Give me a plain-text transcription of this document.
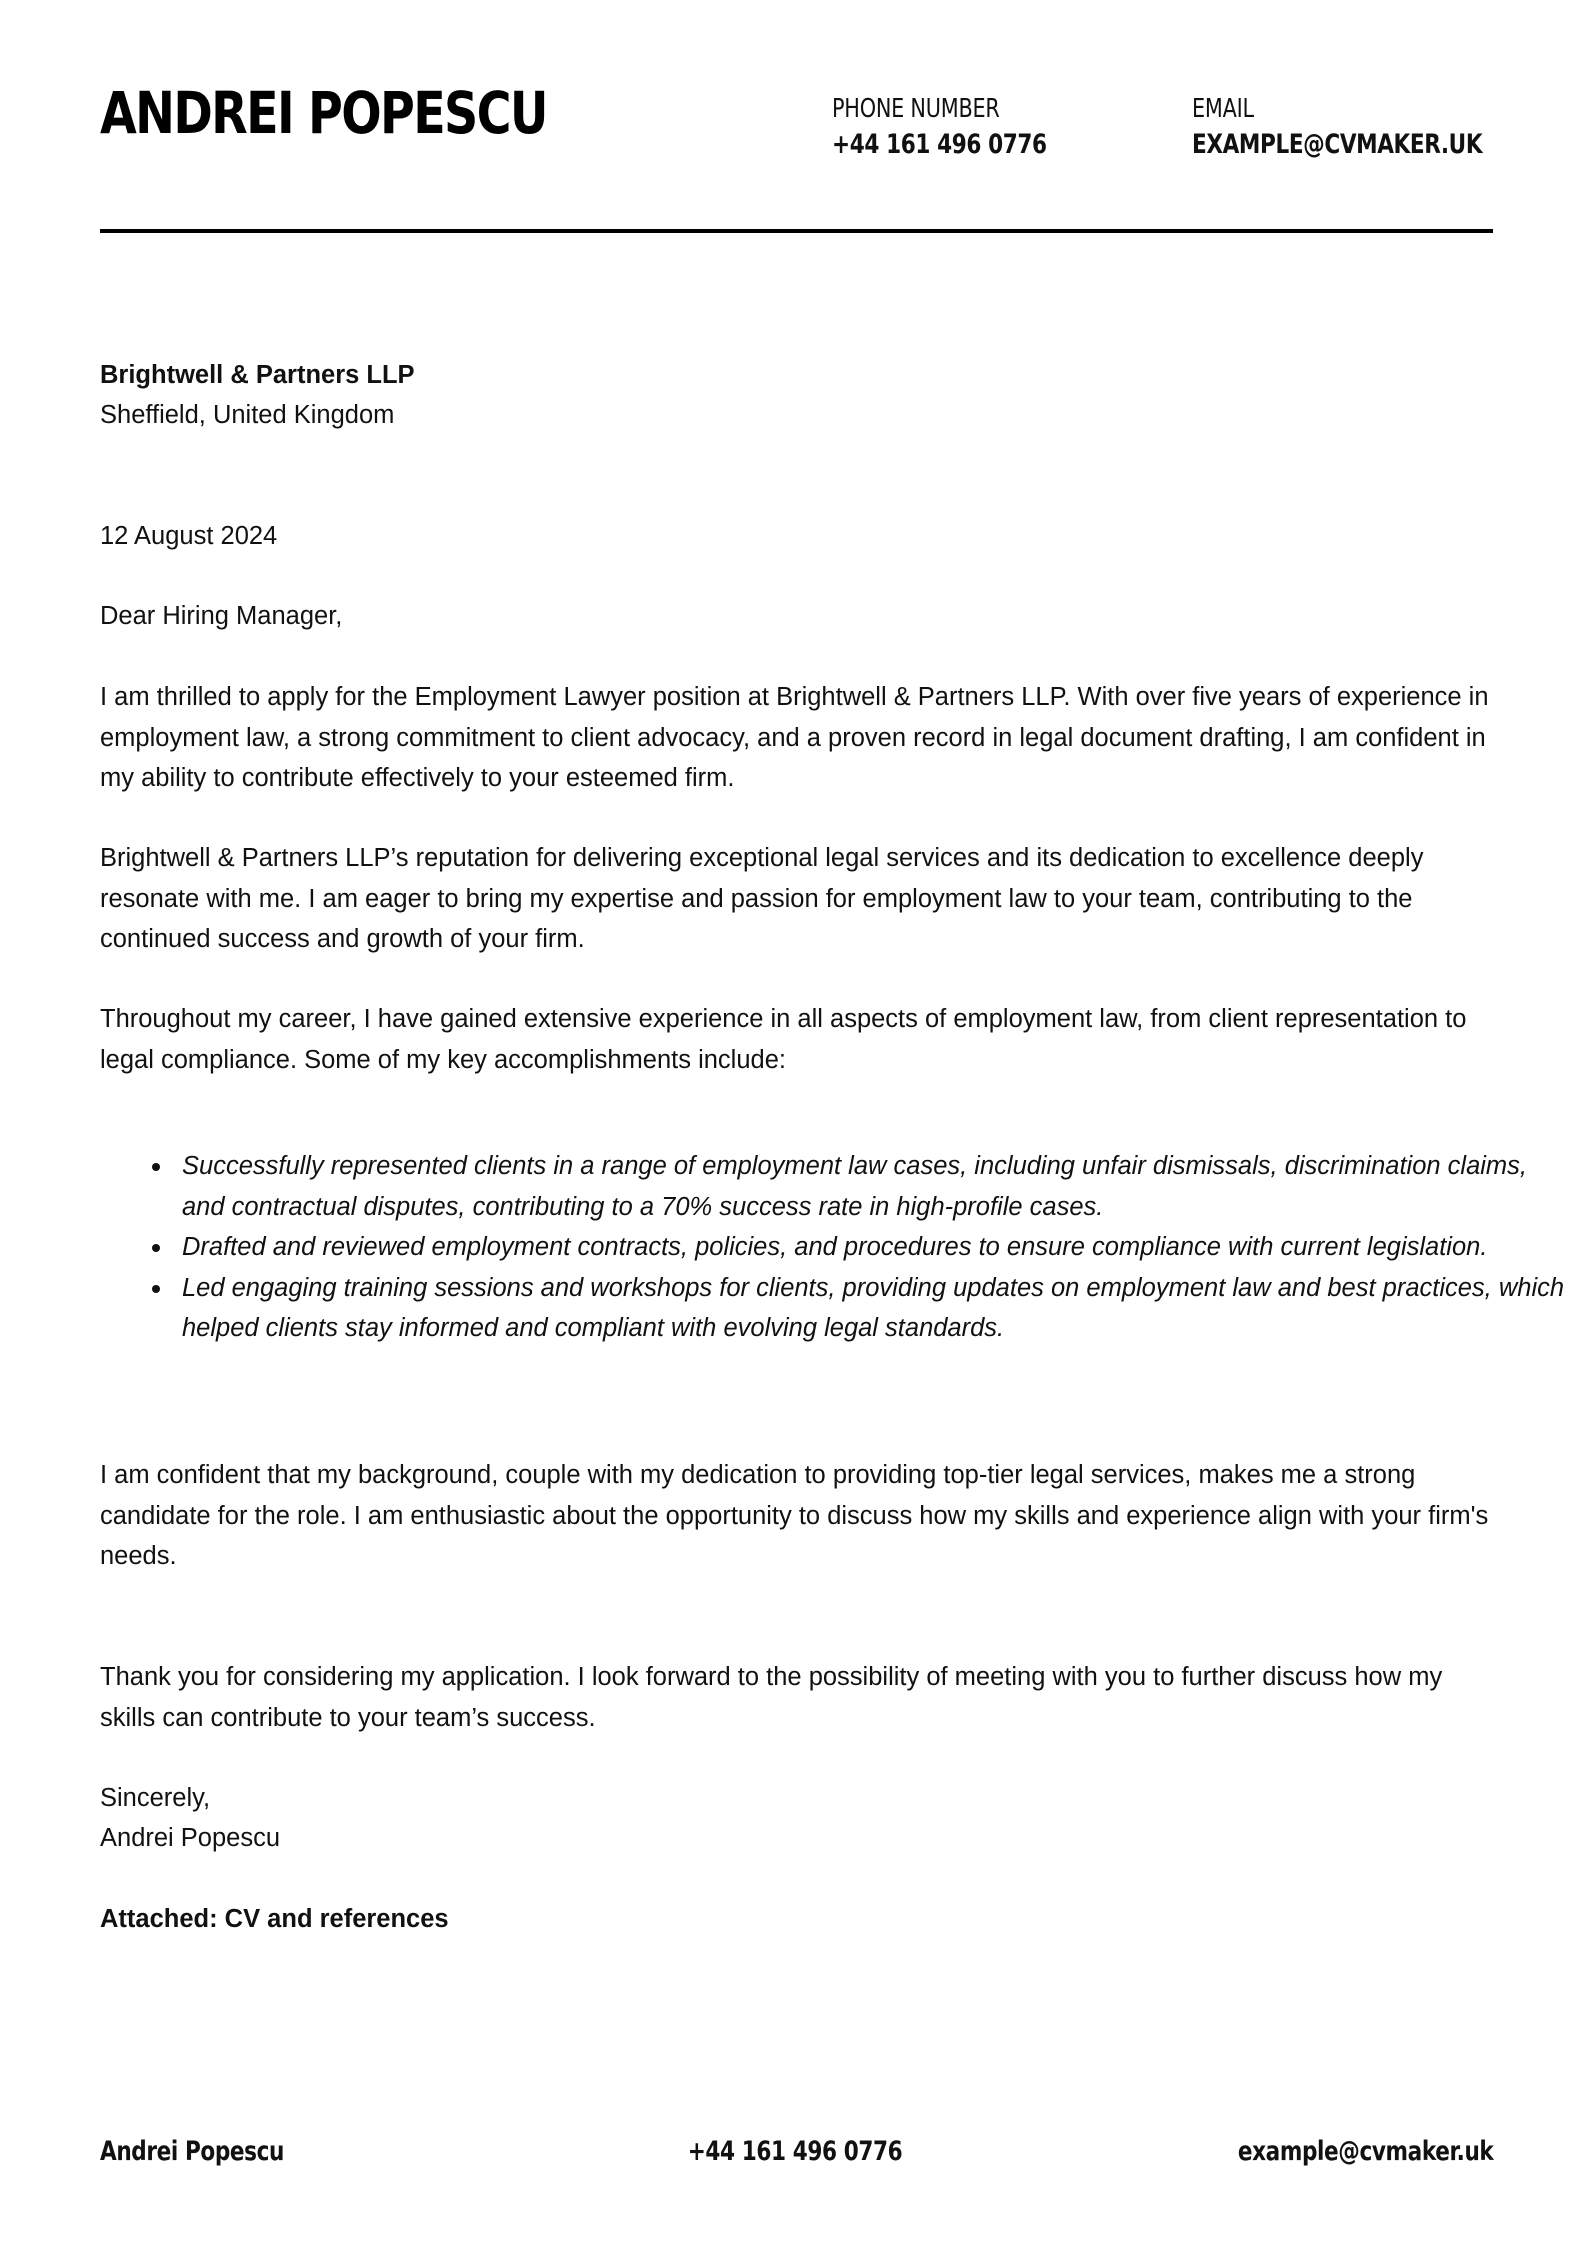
ANDREI POPESCU	PHONE NUMBER
+44 161 496 0776
EMAIL
EXAMPLE@CVMAKER.UK
Brightwell & Partners LLP
Sheffield, United Kingdom
12 August 2024
Dear Hiring Manager,
I am thrilled to apply for the Employment Lawyer position at Brightwell & Partners LLP. With over five years of experience in employment law, a strong commitment to client advocacy, and a proven record in legal document drafting, I am confident in my ability to contribute effectively to your esteemed firm.
Brightwell & Partners LLP’s reputation for delivering exceptional legal services and its dedication to excellence deeply resonate with me. I am eager to bring my expertise and passion for employment law to your team, contributing to the continued success and growth of your firm.
Throughout my career, I have gained extensive experience in all aspects of employment law, from client representation to legal compliance. Some of my key accomplishments include:
Successfully represented clients in a range of employment law cases, including unfair dismissals, discrimination claims, and contractual disputes, contributing to a 70% success rate in high-profile cases.
Drafted and reviewed employment contracts, policies, and procedures to ensure compliance with current legislation.
Led engaging training sessions and workshops for clients, providing updates on employment law and best practices, which helped clients stay informed and compliant with evolving legal standards.
I am confident that my background, couple with my dedication to providing top-tier legal services, makes me a strong candidate for the role. I am enthusiastic about the opportunity to discuss how my skills and experience align with your firm's needs.
Thank you for considering my application. I look forward to the possibility of meeting with you to further discuss how my skills can contribute to your team’s success.
Sincerely,
Andrei Popescu
Attached: CV and references
Andrei Popescu	+44 161 496 0776	example@cvmaker.uk
